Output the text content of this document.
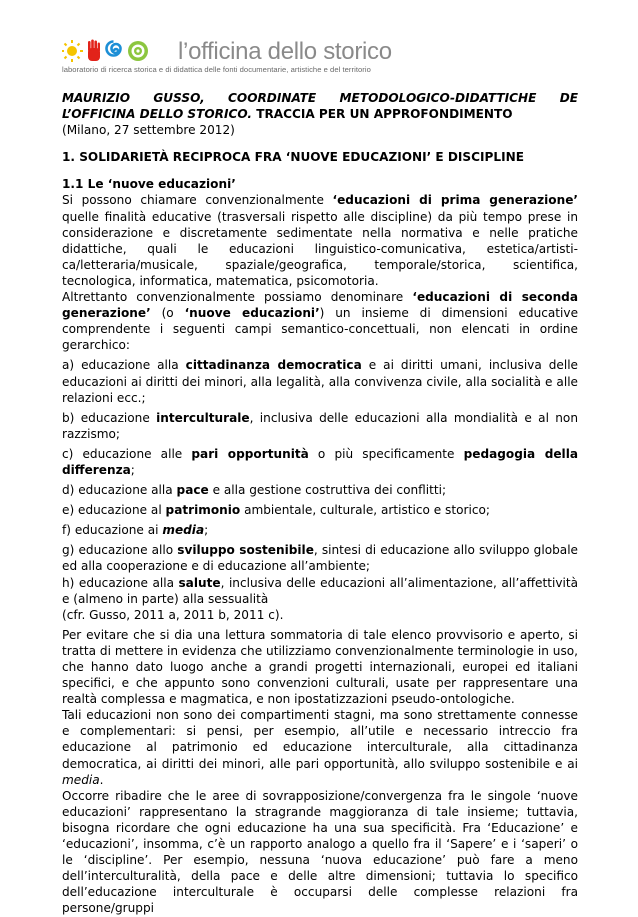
l’officina dello storico
laboratorio di ricerca storica e di didattica delle fonti documentarie, artistiche e del territorio

MAURIZIO GUSSO, COORDINATE METODOLOGICO-DIDATTICHE DE

L’OFFICINA DELLO STORICO. TRACCIA PER UN APPROFONDIMENTO

(Milano, 27 settembre 2012)

1. SOLIDARIETÀ RECIPROCA FRA ‘NUOVE EDUCAZIONI’ E DISCIPLINE

1.1 Le ‘nuove educazioni’

Si possono chiamare convenzionalmente ‘educazioni di prima generazione’ quelle finalità educative (trasversali rispetto alle discipline) da più tempo prese in considerazione e discretamente sedimentate nella normativa e nelle pratiche didattiche, quali le educazioni linguistico-comunicativa, estetica/artisti-ca/letteraria/musicale, spaziale/geografica, temporale/storica, scientifica, tecnologica, informatica, matematica, psicomotoria.

Altrettanto convenzionalmente possiamo denominare ‘educazioni di seconda generazione’ (o ‘nuove educazioni’) un insieme di dimensioni educative comprendente i seguenti campi semantico-concettuali, non elencati in ordine gerarchico:

a) educazione alla cittadinanza democratica e ai diritti umani, inclusiva delle educazioni ai diritti dei minori, alla legalità, alla convivenza civile, alla socialità e alle relazioni ecc.;

b) educazione interculturale, inclusiva delle educazioni alla mondialità e al non razzismo;

c) educazione alle pari opportunità o più specificamente pedagogia della differenza;

d) educazione alla pace e alla gestione costruttiva dei conflitti;

e) educazione al patrimonio ambientale, culturale, artistico e storico;

f) educazione ai media;

g) educazione allo sviluppo sostenibile, sintesi di educazione allo sviluppo globale ed alla cooperazione e di educazione all’ambiente;

h) educazione alla salute, inclusiva delle educazioni all’alimentazione, all’affettività e (almeno in parte) alla sessualità

(cfr. Gusso, 2011 a, 2011 b, 2011 c).

Per evitare che si dia una lettura sommatoria di tale elenco provvisorio e aperto, si tratta di mettere in evidenza che utilizziamo convenzionalmente terminologie in uso, che hanno dato luogo anche a grandi progetti internazionali, europei ed italiani specifici, e che appunto sono convenzioni culturali, usate per rappresentare una realtà complessa e magmatica, e non ipostatizzazioni pseudo-ontologiche.

Tali educazioni non sono dei compartimenti stagni, ma sono strettamente connesse e complementari: si pensi, per esempio, all’utile e necessario intreccio fra educazione al patrimonio ed educazione interculturale, alla cittadinanza democratica, ai diritti dei minori, alle pari opportunità, allo sviluppo sostenibile e ai media.

Occorre ribadire che le aree di sovrapposizione/convergenza fra le singole ‘nuove educazioni’ rappresentano la stragrande maggioranza di tale insieme; tuttavia, bisogna ricordare che ogni educazione ha una sua specificità. Fra ‘Educazione’ e ‘educazioni’, insomma, c’è un rapporto analogo a quello fra il ‘Sapere’ e i ‘saperi’ o le ‘discipline’. Per esempio, nessuna ‘nuova educazione’ può fare a meno dell’interculturalità, della pace e delle altre dimensioni; tuttavia lo specifico dell’educazione interculturale è occuparsi delle complesse relazioni fra persone/gruppi
